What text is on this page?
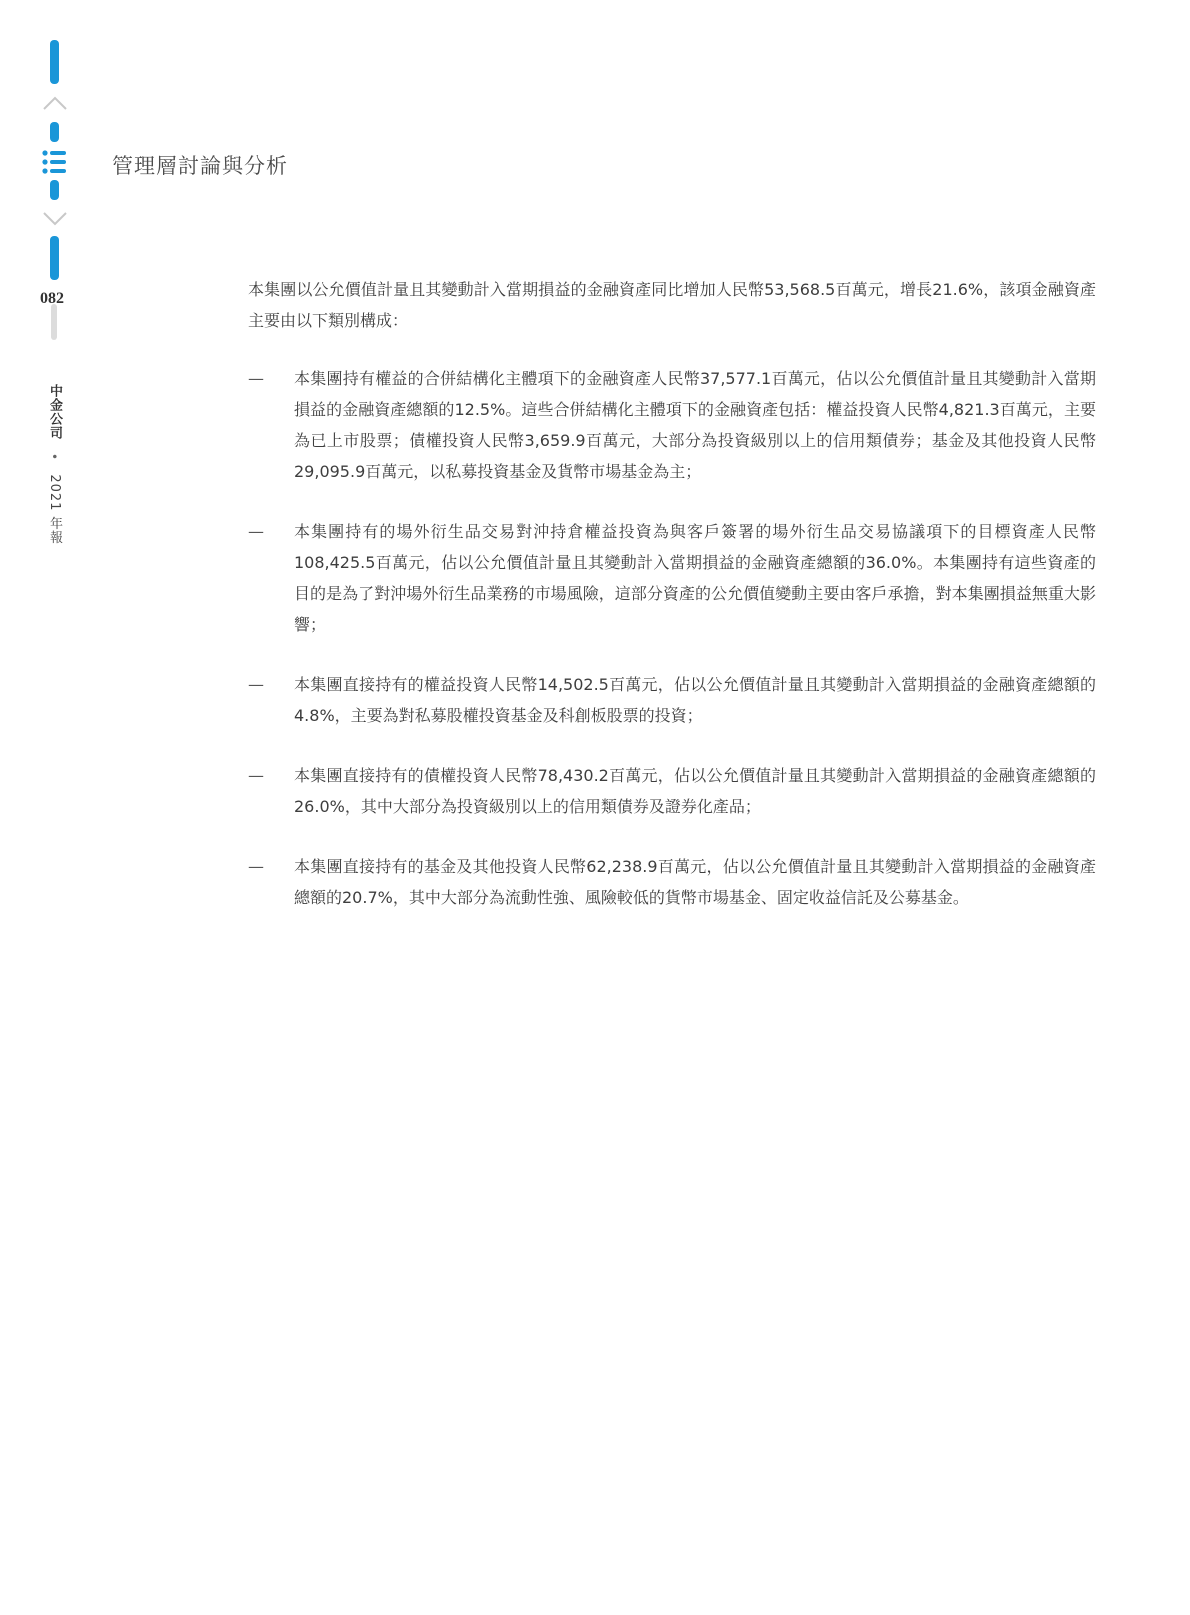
082
中金公司 • 2021 年報
管理層討論與分析

本集團以公允價值計量且其變動計入當期損益的金融資產同比增加人民幣53,568.5百萬元，增長21.6%，該項金融資產主要由以下類別構成：

— 本集團持有權益的合併結構化主體項下的金融資產人民幣37,577.1百萬元，佔以公允價值計量且其變動計入當期損益的金融資產總額的12.5%。這些合併結構化主體項下的金融資產包括：權益投資人民幣4,821.3百萬元，主要為已上市股票；債權投資人民幣3,659.9百萬元，大部分為投資級別以上的信用類債券；基金及其他投資人民幣29,095.9百萬元，以私募投資基金及貨幣市場基金為主；
— 本集團持有的場外衍生品交易對沖持倉權益投資為與客戶簽署的場外衍生品交易協議項下的目標資產人民幣108,425.5百萬元，佔以公允價值計量且其變動計入當期損益的金融資產總額的36.0%。本集團持有這些資產的目的是為了對沖場外衍生品業務的市場風險，這部分資產的公允價值變動主要由客戶承擔，對本集團損益無重大影響；
— 本集團直接持有的權益投資人民幣14,502.5百萬元，佔以公允價值計量且其變動計入當期損益的金融資產總額的4.8%，主要為對私募股權投資基金及科創板股票的投資；
— 本集團直接持有的債權投資人民幣78,430.2百萬元，佔以公允價值計量且其變動計入當期損益的金融資產總額的26.0%，其中大部分為投資級別以上的信用類債券及證券化產品；
— 本集團直接持有的基金及其他投資人民幣62,238.9百萬元，佔以公允價值計量且其變動計入當期損益的金融資產總額的20.7%，其中大部分為流動性強、風險較低的貨幣市場基金、固定收益信託及公募基金。
